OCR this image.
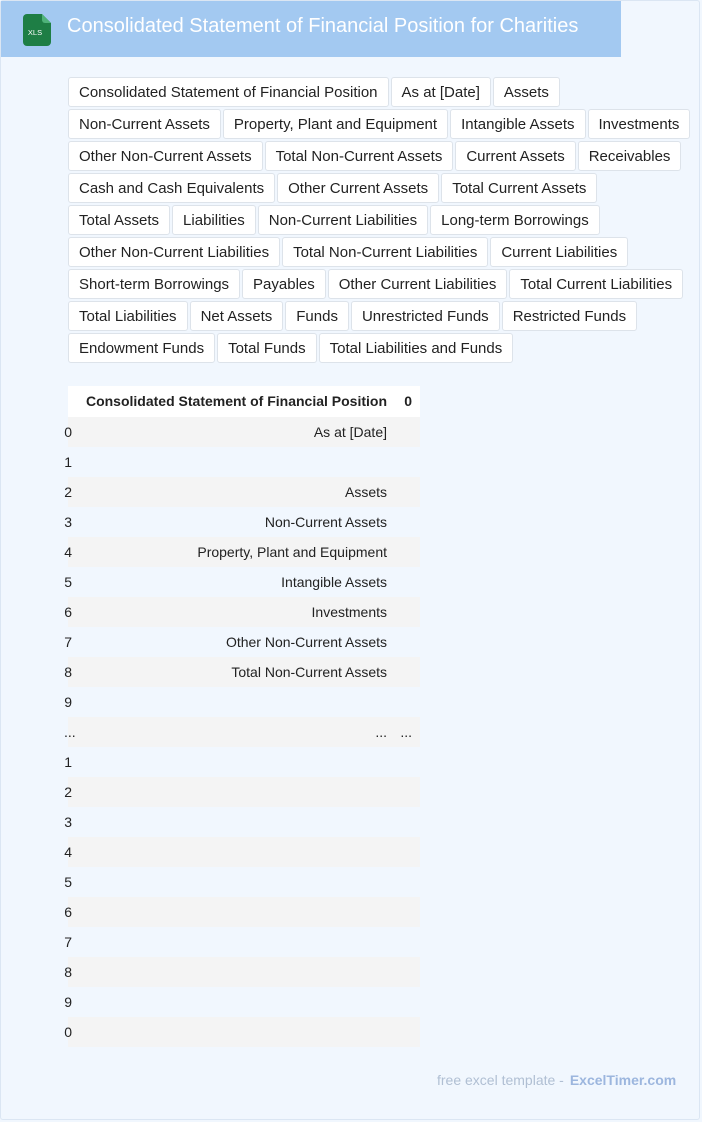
XLS Consolidated Statement of Financial Position for Charities
Consolidated Statement of Financial Position	As at [Date]	Assets
Non-Current Assets	Property, Plant and Equipment	Intangible Assets	Investments
Other Non-Current Assets	Total Non-Current Assets	Current Assets	Receivables
Cash and Cash Equivalents	Other Current Assets	Total Current Assets
Total Assets	Liabilities	Non-Current Liabilities	Long-term Borrowings
Other Non-Current Liabilities	Total Non-Current Liabilities	Current Liabilities
Short-term Borrowings	Payables	Other Current Liabilities	Total Current Liabilities
Total Liabilities	Net Assets	Funds	Unrestricted Funds	Restricted Funds
Endowment Funds	Total Funds	Total Liabilities and Funds
Consolidated Statement of Financial Position 0
0	As at [Date]
1
2	Assets
3	Non-Current Assets
4	Property, Plant and Equipment
5	Intangible Assets
6	Investments
7	Other Non-Current Assets
8	Total Non-Current Assets
9
...	... ...
1
2
3
4
5
6
7
8
9
0
free excel template - ExcelTimer.com
